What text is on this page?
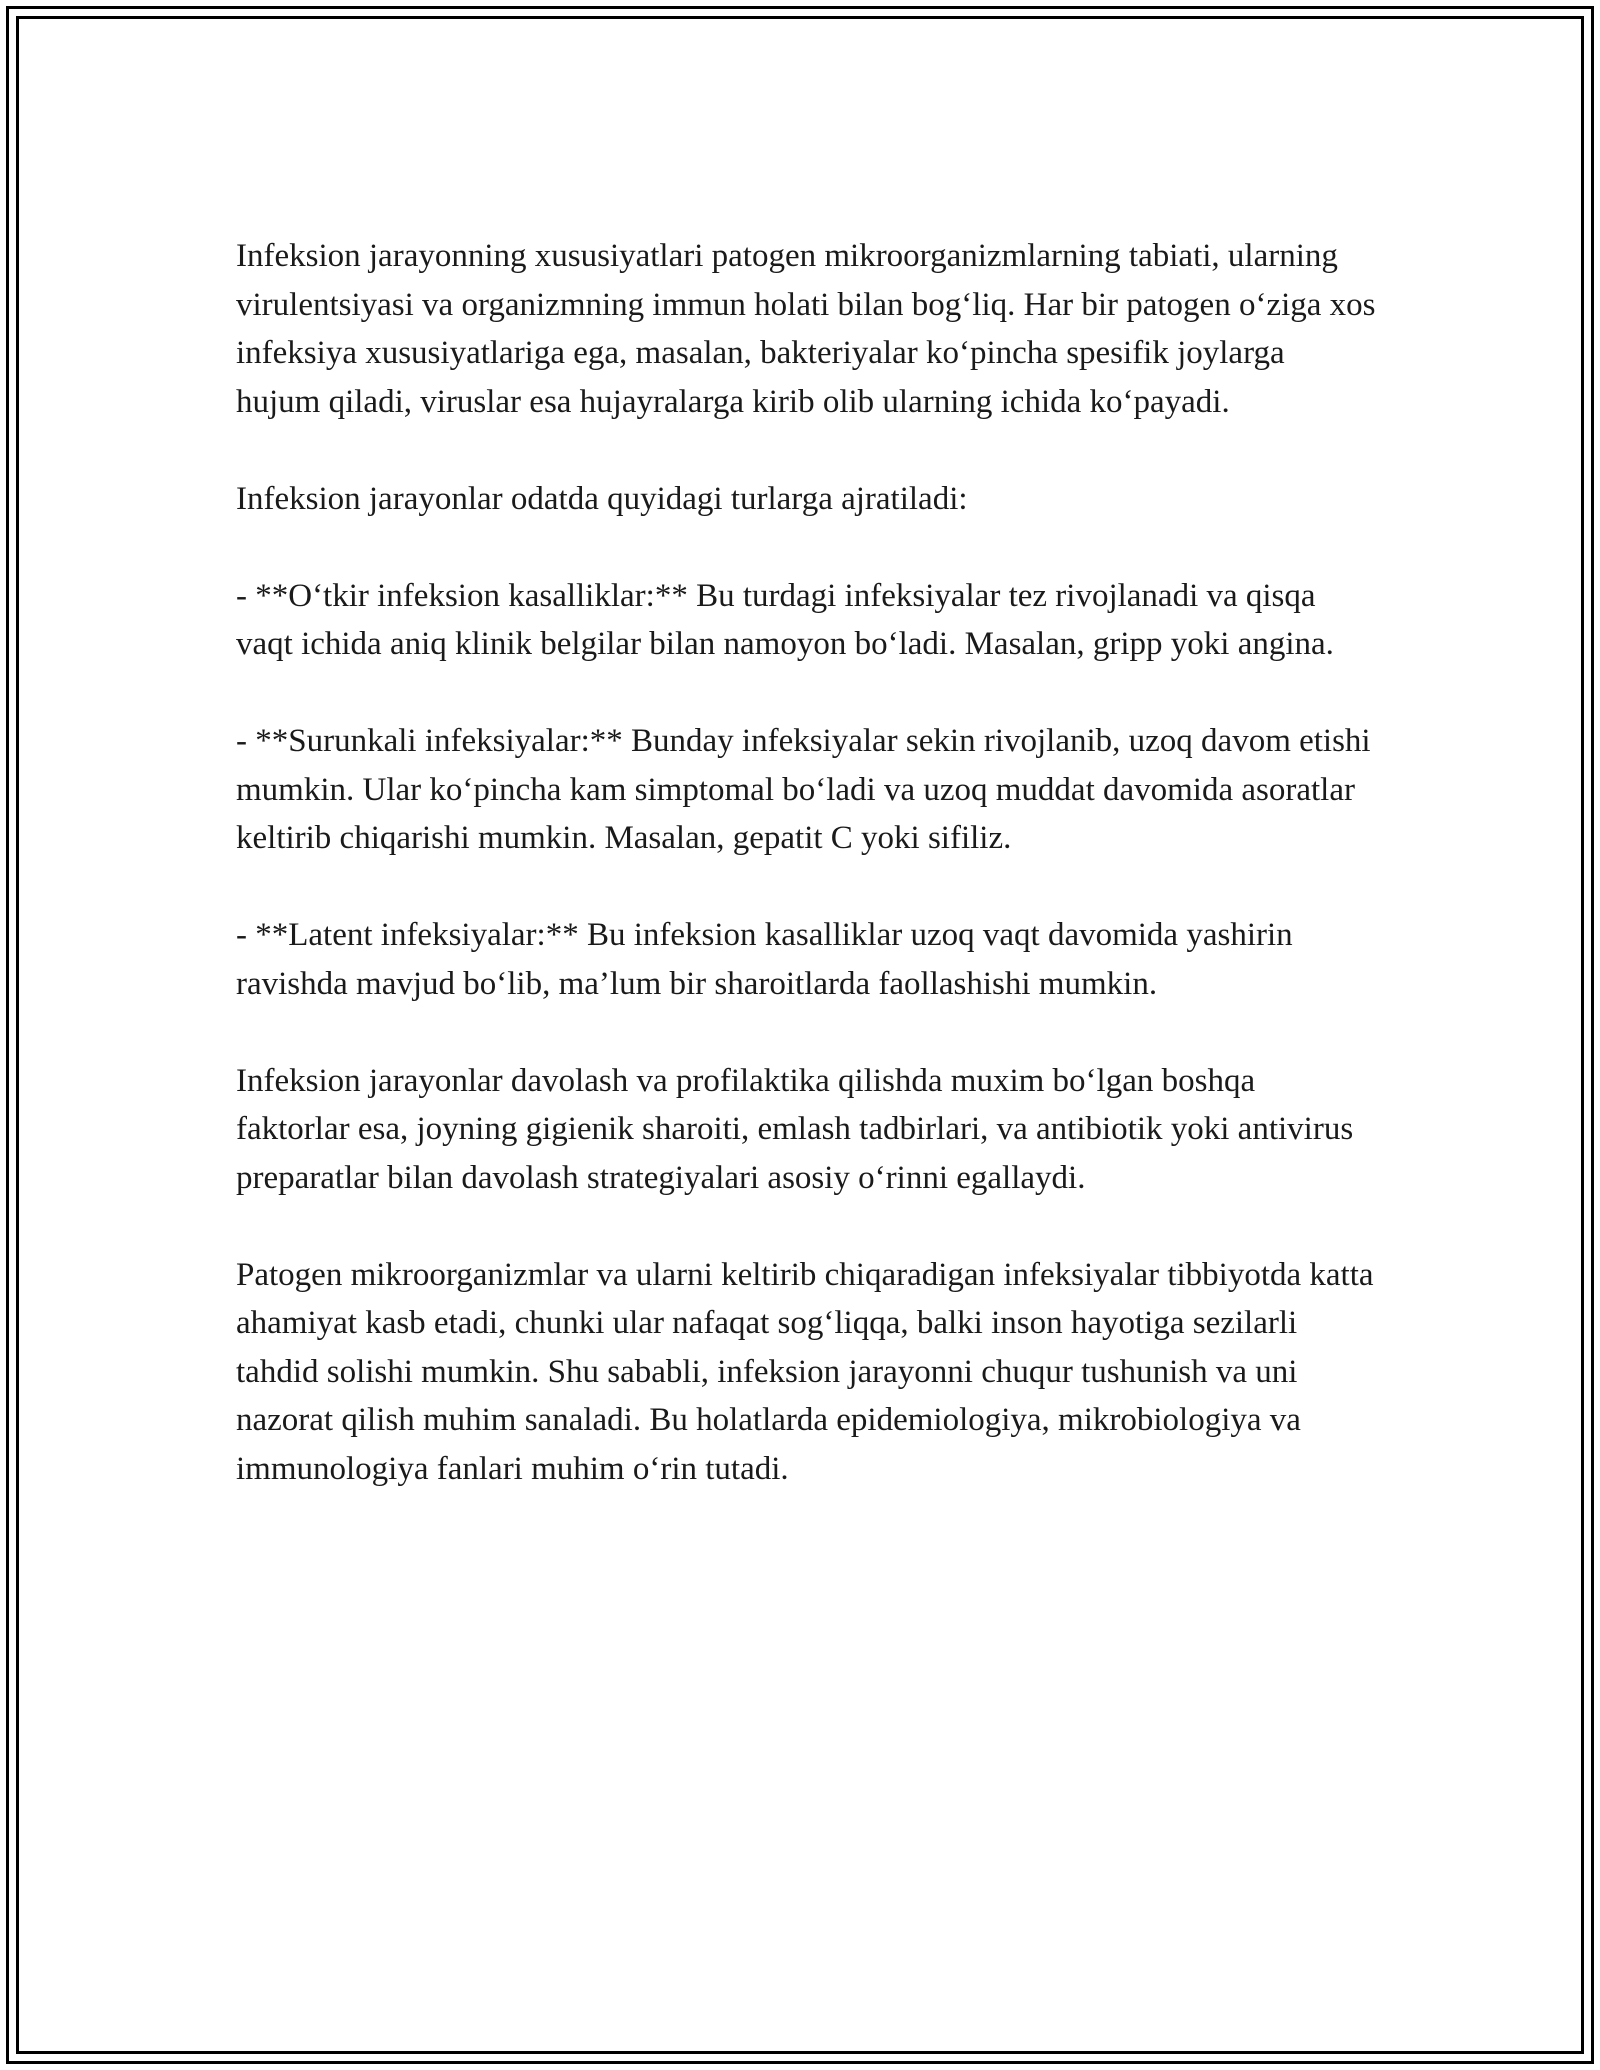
Infeksion jarayonning xususiyatlari patogen mikroorganizmlarning tabiati, ularning virulentsiyasi va organizmning immun holati bilan bog‘liq. Har bir patogen o‘ziga xos infeksiya xususiyatlariga ega, masalan, bakteriyalar ko‘pincha spesifik joylarga hujum qiladi, viruslar esa hujayralarga kirib olib ularning ichida ko‘payadi.

Infeksion jarayonlar odatda quyidagi turlarga ajratiladi:

- **O‘tkir infeksion kasalliklar:** Bu turdagi infeksiyalar tez rivojlanadi va qisqa vaqt ichida aniq klinik belgilar bilan namoyon bo‘ladi. Masalan, gripp yoki angina.

- **Surunkali infeksiyalar:** Bunday infeksiyalar sekin rivojlanib, uzoq davom etishi mumkin. Ular ko‘pincha kam simptomal bo‘ladi va uzoq muddat davomida asoratlar keltirib chiqarishi mumkin. Masalan, gepatit C yoki sifiliz.

- **Latent infeksiyalar:** Bu infeksion kasalliklar uzoq vaqt davomida yashirin ravishda mavjud bo‘lib, ma’lum bir sharoitlarda faollashishi mumkin.

Infeksion jarayonlar davolash va profilaktika qilishda muxim bo‘lgan boshqa faktorlar esa, joyning gigienik sharoiti, emlash tadbirlari, va antibiotik yoki antivirus preparatlar bilan davolash strategiyalari asosiy o‘rinni egallaydi.

Patogen mikroorganizmlar va ularni keltirib chiqaradigan infeksiyalar tibbiyotda katta ahamiyat kasb etadi, chunki ular nafaqat sog‘liqqa, balki inson hayotiga sezilarli tahdid solishi mumkin. Shu sababli, infeksion jarayonni chuqur tushunish va uni nazorat qilish muhim sanaladi. Bu holatlarda epidemiologiya, mikrobiologiya va immunologiya fanlari muhim o‘rin tutadi.
